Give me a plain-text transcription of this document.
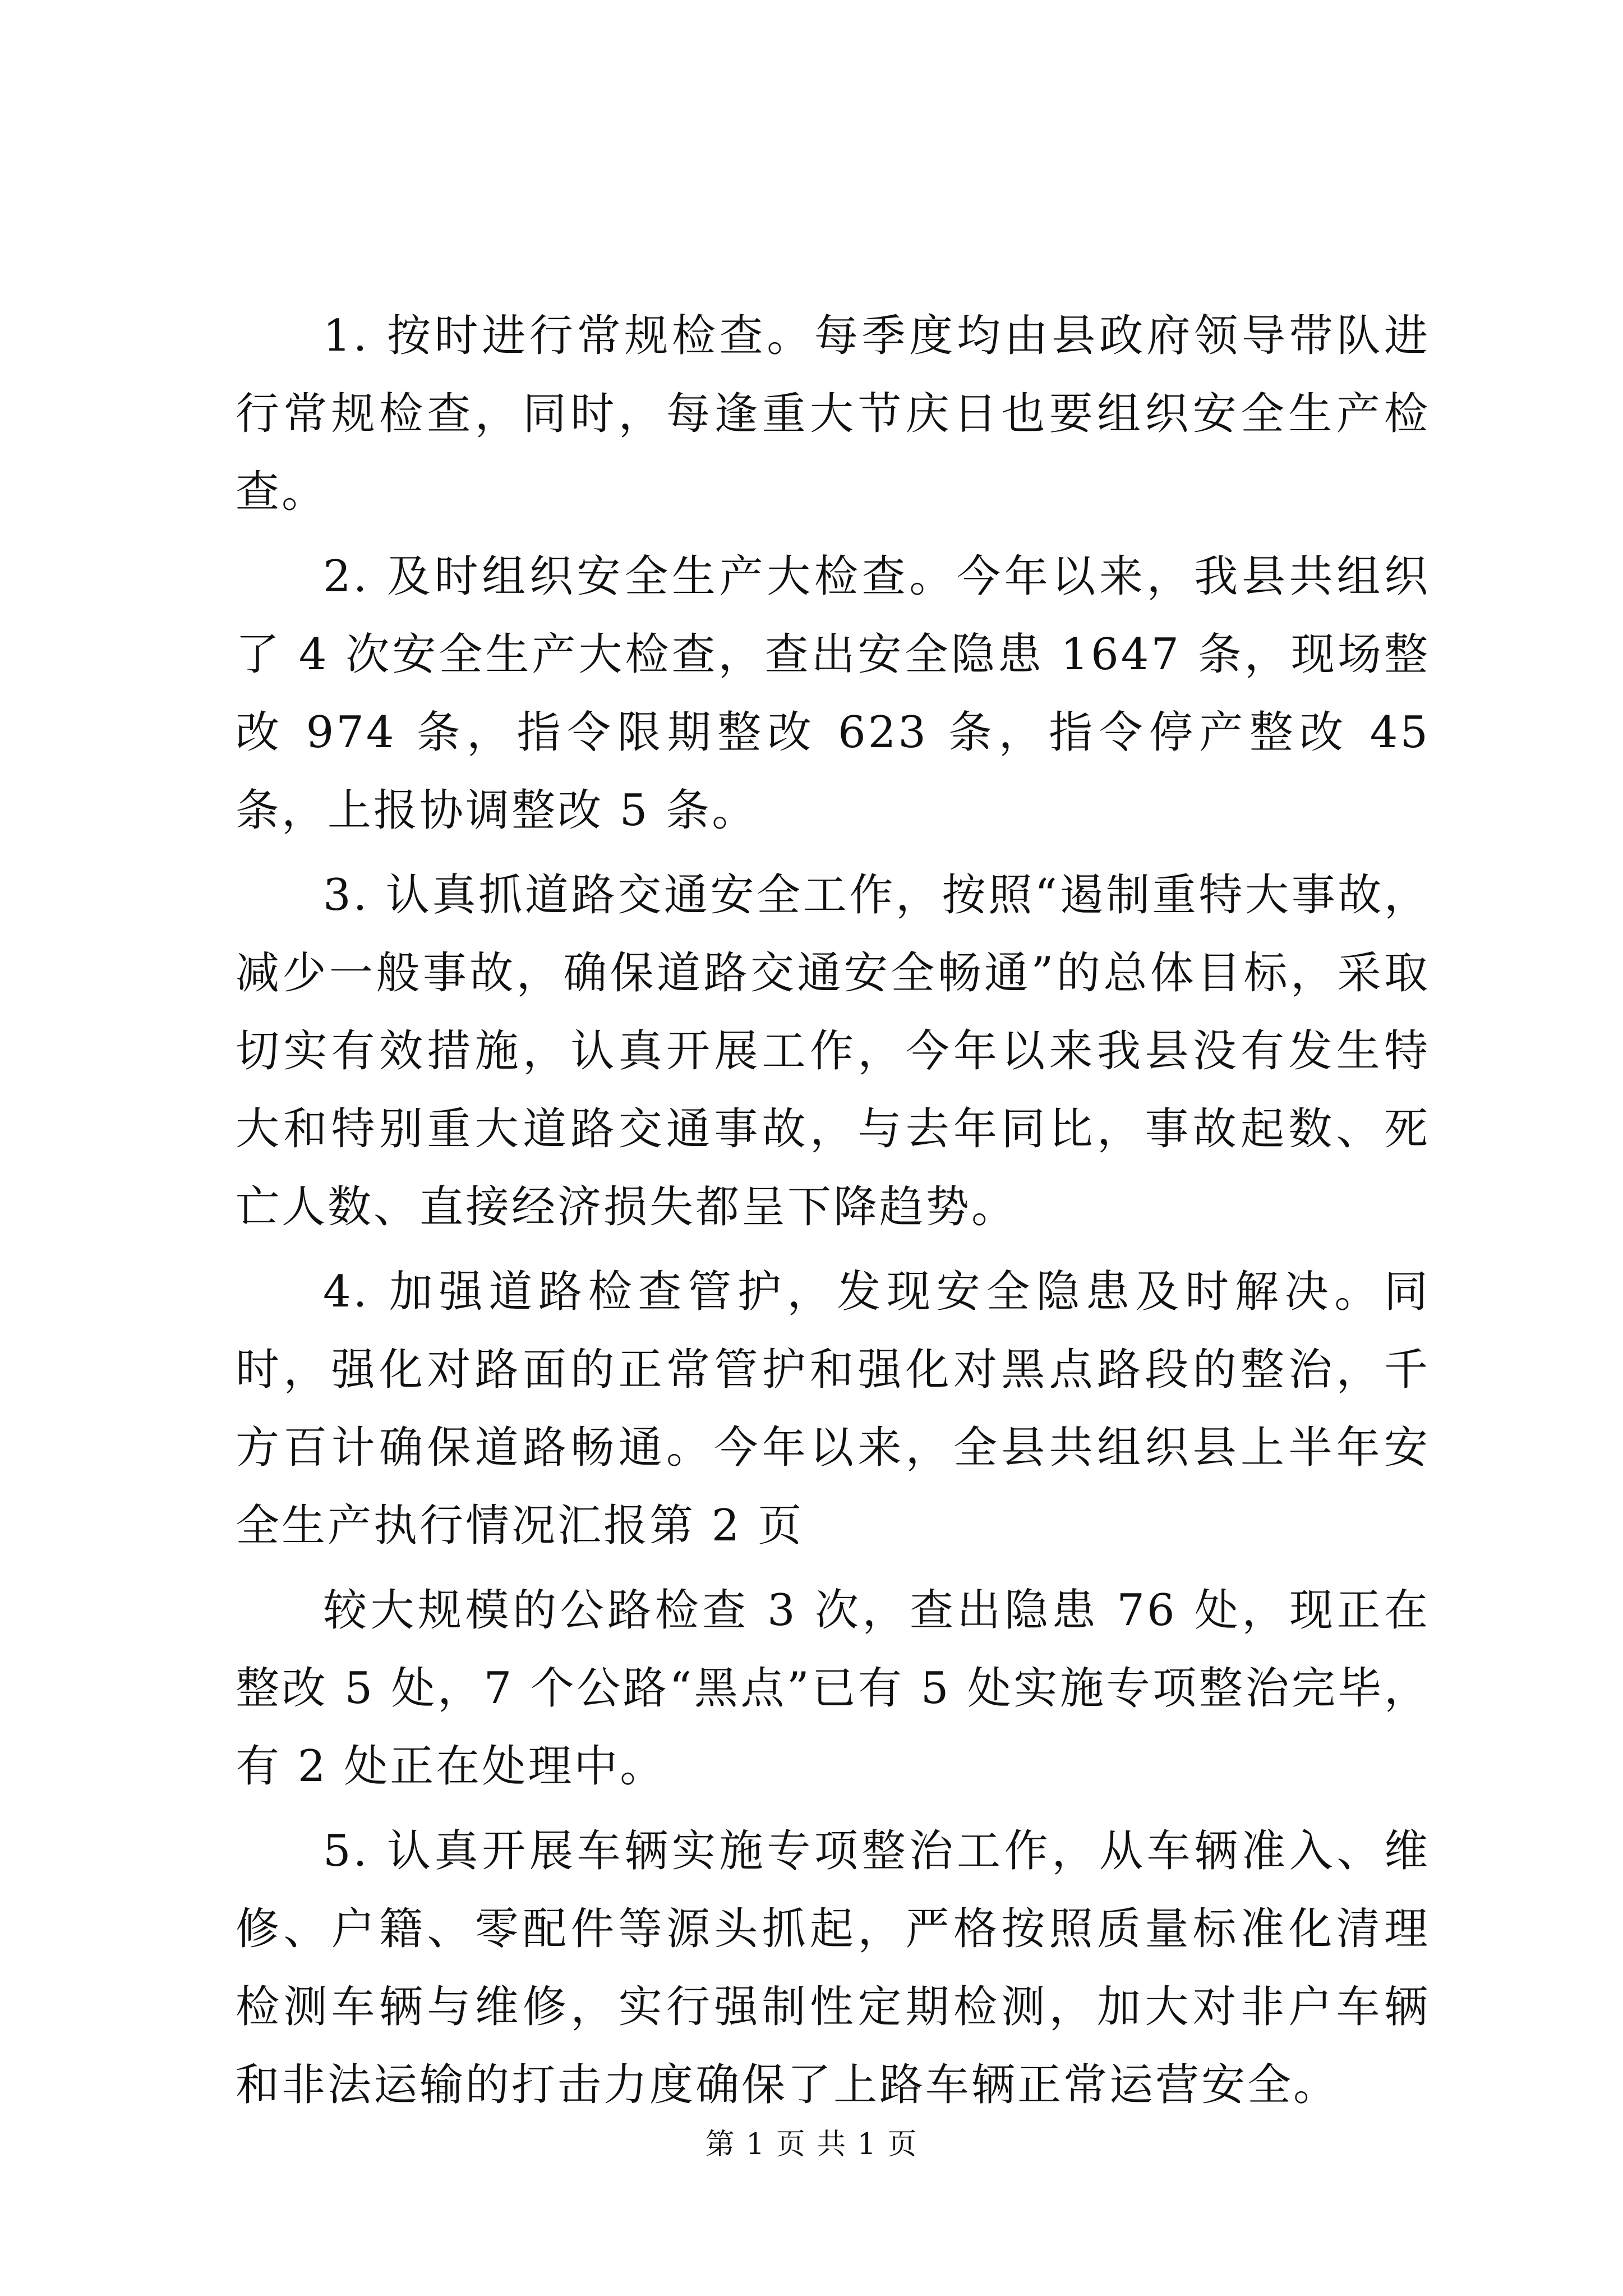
1. 按时进行常规检查。每季度均由县政府领导带队进行常规检查，同时，每逢重大节庆日也要组织安全生产检查。

2. 及时组织安全生产大检查。今年以来，我县共组织了 4 次安全生产大检查，查出安全隐患 1647 条，现场整改 974 条，指令限期整改 623 条，指令停产整改 45 条，上报协调整改 5 条。

3. 认真抓道路交通安全工作，按照“遏制重特大事故，减少一般事故，确保道路交通安全畅通”的总体目标，采取切实有效措施，认真开展工作，今年以来我县没有发生特大和特别重大道路交通事故，与去年同比，事故起数、死亡人数、直接经济损失都呈下降趋势。

4. 加强道路检查管护，发现安全隐患及时解决。同时，强化对路面的正常管护和强化对黑点路段的整治，千方百计确保道路畅通。今年以来，全县共组织县上半年安全生产执行情况汇报第 2 页

较大规模的公路检查 3 次，查出隐患 76 处，现正在整改 5 处，7 个公路“黑点”已有 5 处实施专项整治完毕，有 2 处正在处理中。

5. 认真开展车辆实施专项整治工作，从车辆准入、维修、户籍、零配件等源头抓起，严格按照质量标准化清理检测车辆与维修，实行强制性定期检测，加大对非户车辆和非法运输的打击力度确保了上路车辆正常运营安全。

第 1 页 共 1 页
